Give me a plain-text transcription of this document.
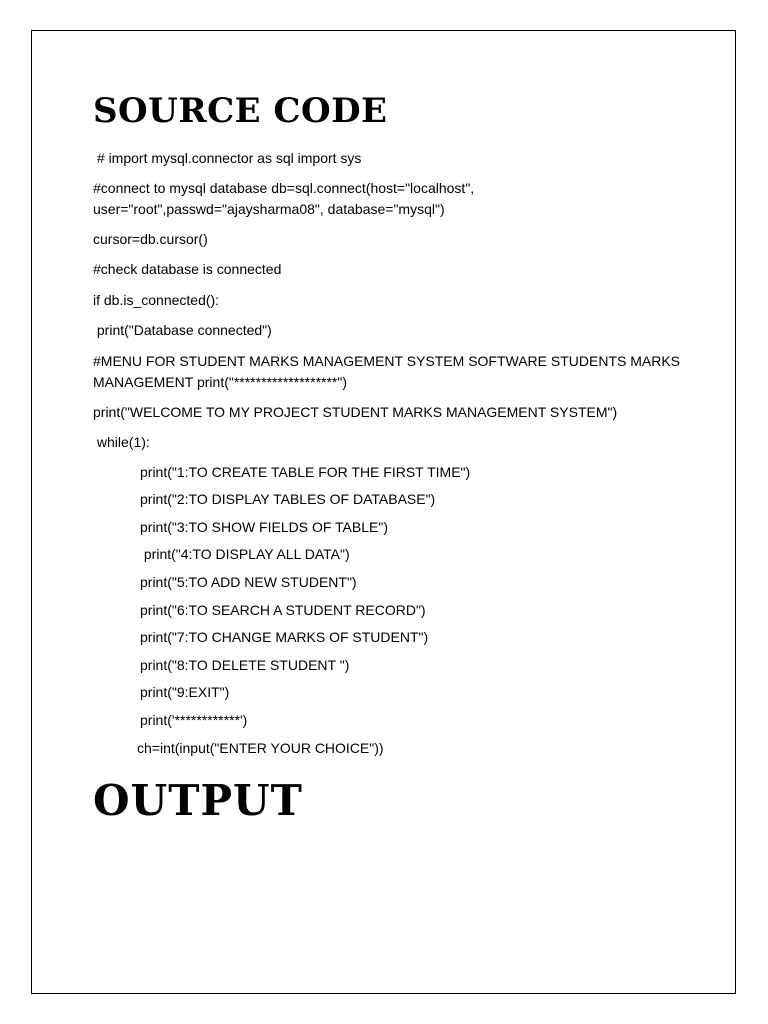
SOURCE CODE

# import mysql.connector as sql import sys

#connect to mysql database db=sql.connect(host="localhost",

user="root",passwd="ajaysharma08", database="mysql")

cursor=db.cursor()

#check database is connected

if db.is_connected():

print("Database connected")

#MENU FOR STUDENT MARKS MANAGEMENT SYSTEM SOFTWARE STUDENTS MARKS

MANAGEMENT print("*******************")

print("WELCOME TO MY PROJECT STUDENT MARKS MANAGEMENT SYSTEM")

while(1):

print("1:TO CREATE TABLE FOR THE FIRST TIME")

print("2:TO DISPLAY TABLES OF DATABASE")

print("3:TO SHOW FIELDS OF TABLE")

print("4:TO DISPLAY ALL DATA")

print("5:TO ADD NEW STUDENT")

print("6:TO SEARCH A STUDENT RECORD")

print("7:TO CHANGE MARKS OF STUDENT")

print("8:TO DELETE STUDENT ")

print("9:EXIT")

print('************')

ch=int(input("ENTER YOUR CHOICE"))

OUTPUT
